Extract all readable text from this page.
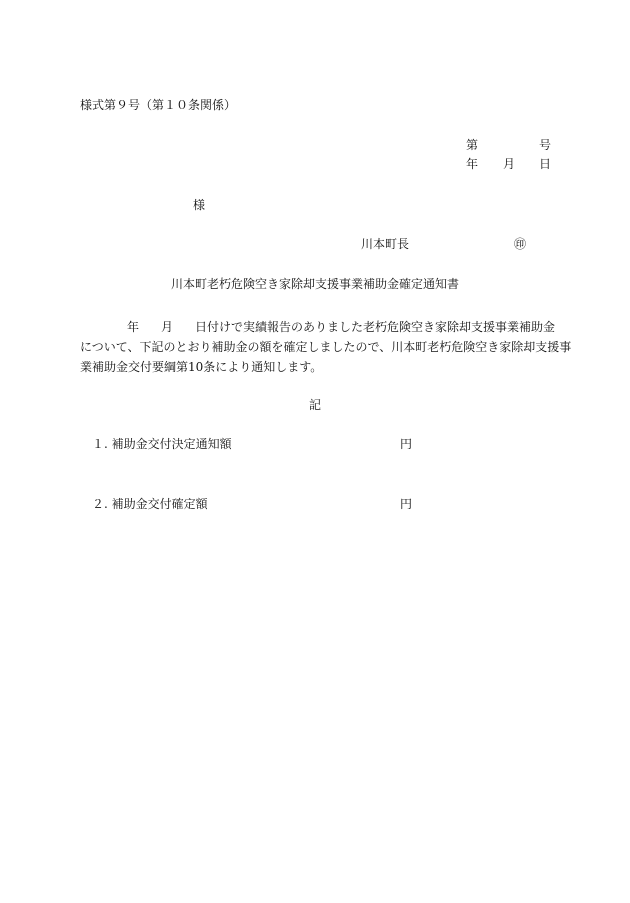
様式第９号（第１０条関係）
第	号
年 月 日
様
川本町長	㊞
川本町老朽危険空き家除却支援事業補助金確定通知書
年 月 日付けで実績報告のありました老朽危険空き家除却支援事業補助金
について、下記のとおり補助金の額を確定しましたので、川本町老朽危険空き家除却支援事
業補助金交付要綱第10条により通知します。
記
１. 補助金交付決定通知額	円
２. 補助金交付確定額	円
